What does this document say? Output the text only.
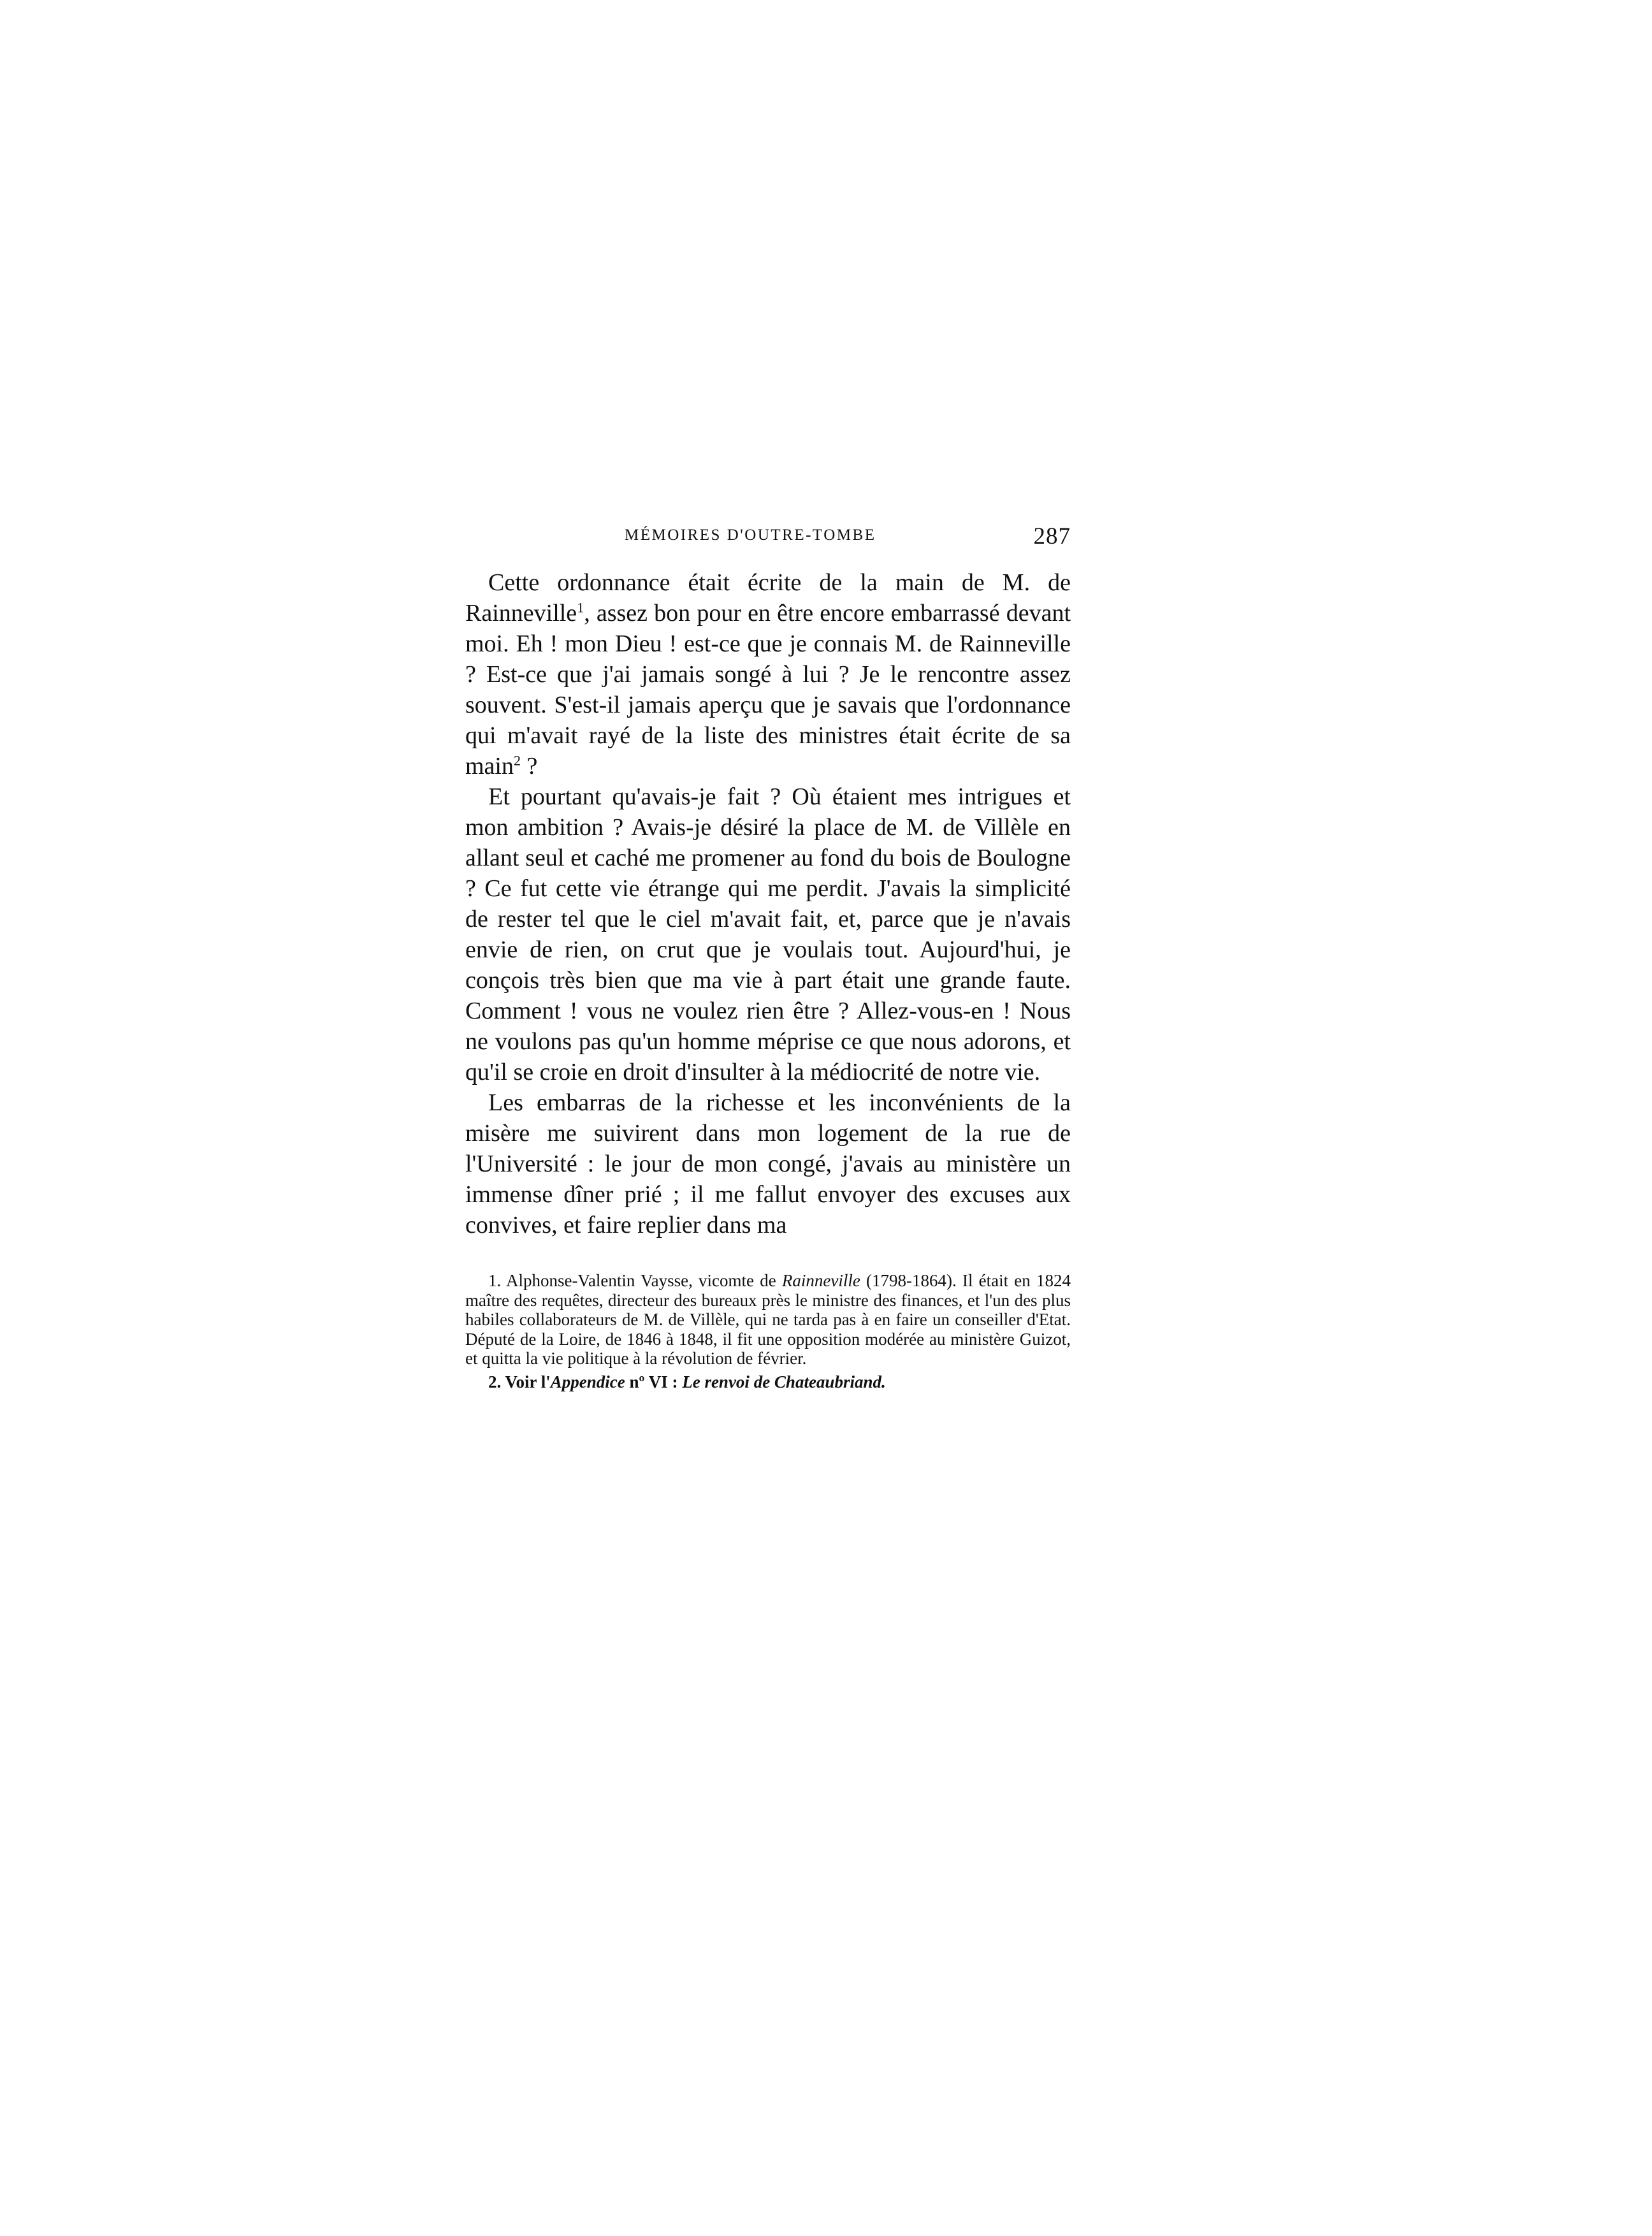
MÉMOIRES D'OUTRE-TOMBE	287

Cette ordonnance était écrite de la main de M. de Rainneville$^1$, assez bon pour en être encore embarrassé devant moi. Eh ! mon Dieu ! est-ce que je connais M. de Rainneville ? Est-ce que j'ai jamais songé à lui ? Je le rencontre assez souvent. S'est-il jamais aperçu que je savais que l'ordonnance qui m'avait rayé de la liste des ministres était écrite de sa main$^2$ ?

Et pourtant qu'avais-je fait ? Où étaient mes intrigues et mon ambition ? Avais-je désiré la place de M. de Villèle en allant seul et caché me promener au fond du bois de Boulogne ? Ce fut cette vie étrange qui me perdit. J'avais la simplicité de rester tel que le ciel m'avait fait, et, parce que je n'avais envie de rien, on crut que je voulais tout. Aujourd'hui, je conçois très bien que ma vie à part était une grande faute. Comment ! vous ne voulez rien être ? Allez-vous-en ! Nous ne voulons pas qu'un homme méprise ce que nous adorons, et qu'il se croie en droit d'insulter à la médiocrité de notre vie.

Les embarras de la richesse et les inconvénients de la misère me suivirent dans mon logement de la rue de l'Université : le jour de mon congé, j'avais au ministère un immense dîner prié ; il me fallut envoyer des excuses aux convives, et faire replier dans ma

1. Alphonse-Valentin Vaysse, vicomte de Rainneville (1798-1864). Il était en 1824 maître des requêtes, directeur des bureaux près le ministre des finances, et l'un des plus habiles collaborateurs de M. de Villèle, qui ne tarda pas à en faire un conseiller d'Etat. Député de la Loire, de 1846 à 1848, il fit une opposition modérée au ministère Guizot, et quitta la vie politique à la révolution de février.

2. Voir l'Appendice nº VI : Le renvoi de Chateaubriand.
